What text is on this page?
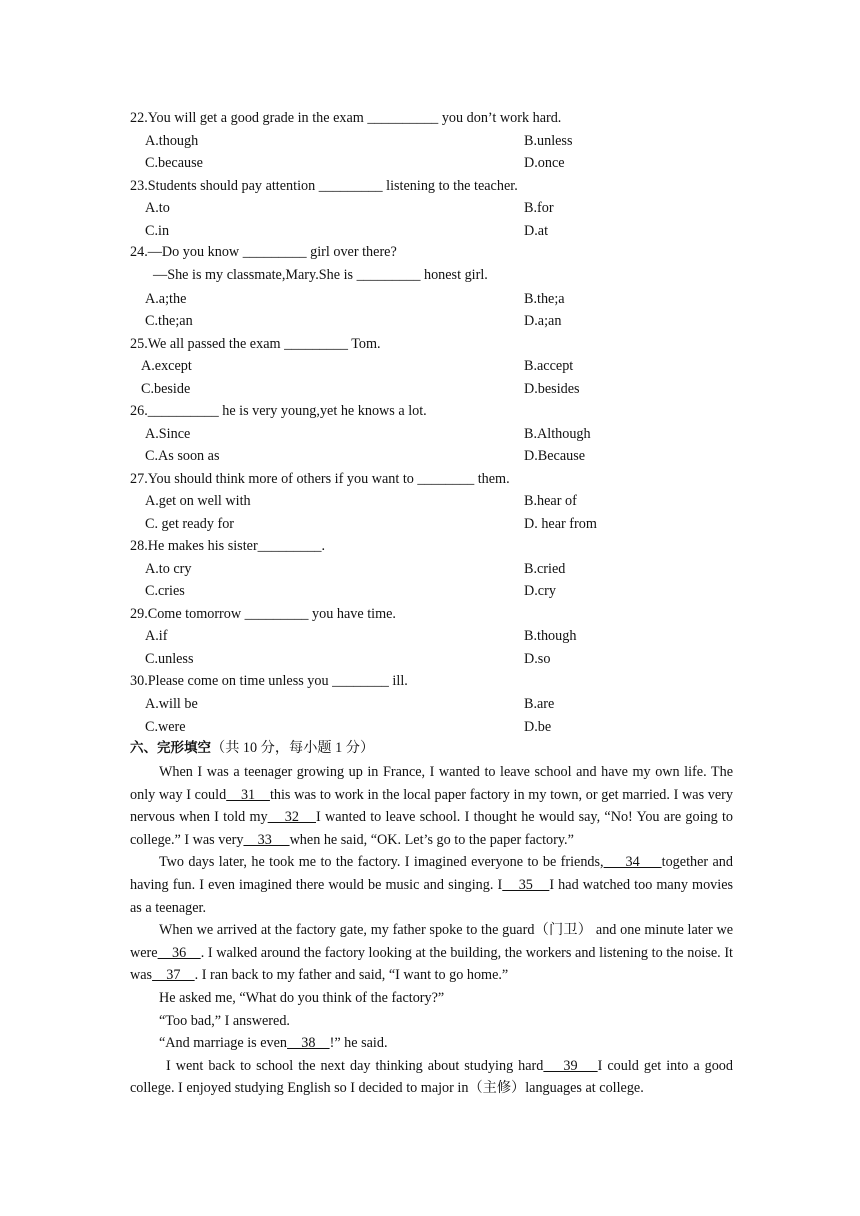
22.You will get a good grade in the exam __________ you don’t work hard.
A.though	B.unless
C.because	D.once
23.Students should pay attention _________ listening to the teacher.
A.to	B.for
C.in	D.at
24.—Do you know _________ girl over there?
—She is my classmate,Mary.She is _________ honest girl.
A.a;the	B.the;a
C.the;an	D.a;an
25.We all passed the exam _________ Tom.
A.except	B.accept
C.beside	D.besides
26.__________ he is very young,yet he knows a lot.
A.Since	B.Although
C.As soon as	D.Because
27.You should think more of others if you want to ________ them.
A.get on well with	B.hear of
C. get ready for	D. hear from
28.He makes his sister_________.
A.to cry	B.cried
C.cries	D.cry
29.Come tomorrow _________ you have time.
A.if	B.though
C.unless	D.so
30.Please come on time unless you ________ ill.
A.will be	B.are
C.were	D.be
六、完形填空（共 10 分，每小题 1 分）

When I was a teenager growing up in France, I wanted to leave school and have my own life. The only way I could    31    this was to work in the local paper factory in my town, or get married. I was very nervous when I told my    32    I wanted to leave school. I thought he would say, “No! You are going to college.” I was very    33     when he said, “OK. Let’s go to the paper factory.”

Two days later, he took me to the factory. I imagined everyone to be friends,     34     together and having fun. I even imagined there would be music and singing. I    35    I had watched too many movies as a teenager.

When we arrived at the factory gate, my father spoke to the guard（门卫） and one minute later we were    36    . I walked around the factory looking at the building, the workers and listening to the noise. It was    37    . I ran back to my father and said, “I want to go home.”

He asked me, “What do you think of the factory?”

“Too bad,” I answered.

“And marriage is even    38    !” he said.

I went back to school the next day thinking about studying hard    39    I could get into a good college. I enjoyed studying English so I decided to major in（主修）languages at college.
